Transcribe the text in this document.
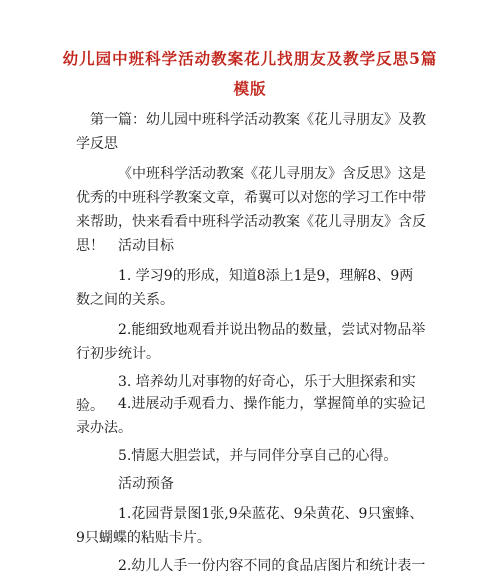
幼儿园中班科学活动教案花儿找朋友及教学反思5篇模版

第一篇：幼儿园中班科学活动教案《花儿寻朋友》及教学反思

《中班科学活动教案《花儿寻朋友》含反思》这是优秀的中班科学教案文章，希翼可以对您的学习工作中带来帮助，快来看看中班科学活动教案《花儿寻朋友》含反思！	活动目标

1. 学习9的形成，知道8添上1是9，理解8、9两数之间的关系。

2.能细致地观看并说出物品的数量，尝试对物品举行初步统计。

3. 培养幼儿对事物的好奇心，乐于大胆探索和实验。	4.进展动手观看力、操作能力，掌握简单的实验记录办法。

5.情愿大胆尝试，并与同伴分享自己的心得。

活动预备

1.花园背景图1张,9朵蓝花、9朵黄花、9只蜜蜂、9只蝴蝶的粘贴卡片。

2.幼儿人手一份内容不同的食品店图片和统计表一
